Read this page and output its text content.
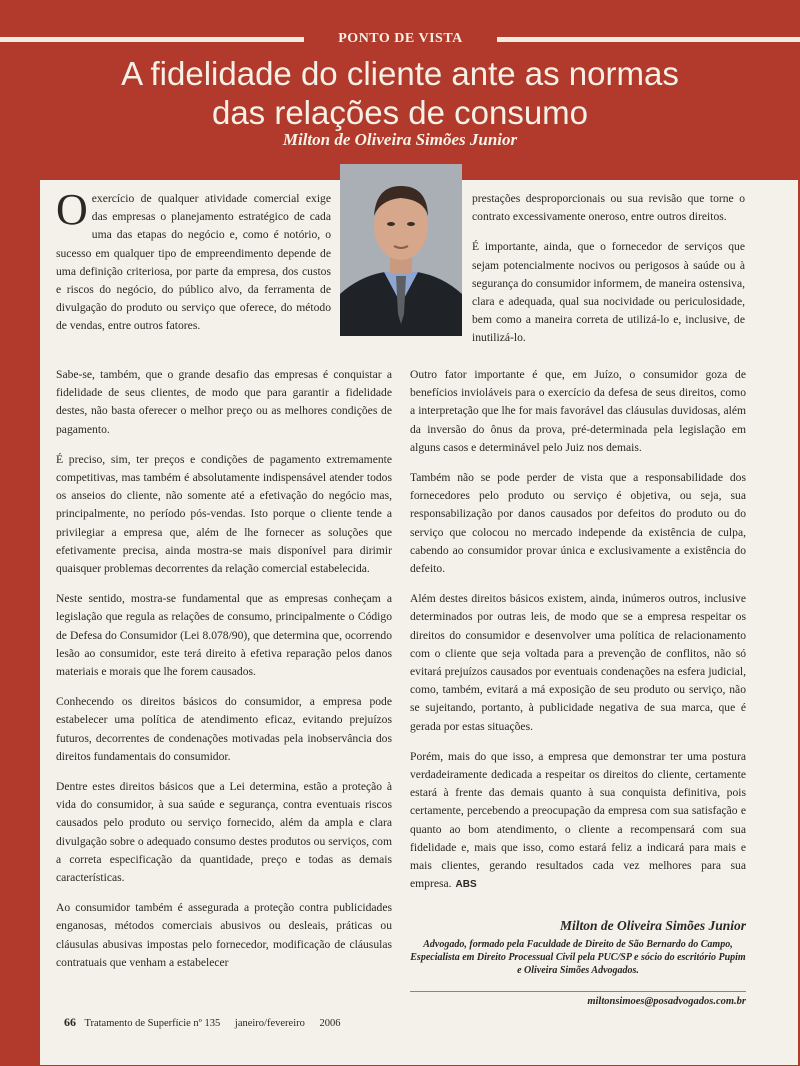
PONTO DE VISTA
A fidelidade do cliente ante as normas
das relações de consumo
Milton de Oliveira Simões Junior

Oexercício de qualquer atividade comercial exige das empresas o planejamento estratégico de cada uma das etapas do negócio e, como é notório, o sucesso em qualquer tipo de empreendimento depende de uma definição criteriosa, por parte da empresa, dos custos e riscos do negócio, do público alvo, da ferramenta de divulgação do produto ou serviço que oferece, do método de vendas, entre outros fatores.

Sabe-se, também, que o grande desafio das empresas é conquistar a fidelidade de seus clientes, de modo que para garantir a fidelidade destes, não basta oferecer o melhor preço ou as melhores condições de pagamento.

É preciso, sim, ter preços e condições de pagamento extremamente competitivas, mas também é absolutamente indispensável atender todos os anseios do cliente, não somente até a efetivação do negócio mas, principalmente, no período pós-vendas. Isto porque o cliente tende a privilegiar a empresa que, além de lhe fornecer as soluções que efetivamente precisa, ainda mostra-se mais disponível para dirimir quaisquer problemas decorrentes da relação comercial estabelecida.

Neste sentido, mostra-se fundamental que as empresas conheçam a legislação que regula as relações de consumo, principalmente o Código de Defesa do Consumidor (Lei 8.078/90), que determina que, ocorrendo lesão ao consumidor, este terá direito à efetiva reparação pelos danos materiais e morais que lhe forem causados.

Conhecendo os direitos básicos do consumidor, a empresa pode estabelecer uma política de atendimento eficaz, evitando prejuízos futuros, decorrentes de condenações motivadas pela inobservância dos direitos fundamentais do consumidor.

Dentre estes direitos básicos que a Lei determina, estão a proteção à vida do consumidor, à sua saúde e segurança, contra eventuais riscos causados pelo produto ou serviço fornecido, além da ampla e clara divulgação sobre o adequado consumo destes produtos ou serviços, com a correta especificação da quantidade, preço e todas as demais características.

Ao consumidor também é assegurada a proteção contra publicidades enganosas, métodos comerciais abusivos ou desleais, práticas ou cláusulas abusivas impostas pelo fornecedor, modificação de cláusulas contratuais que venham a estabelecer

prestações desproporcionais ou sua revisão que torne o contrato excessivamente oneroso, entre outros direitos.

É importante, ainda, que o fornecedor de serviços que sejam potencialmente nocivos ou perigosos à saúde ou à segurança do consumidor informem, de maneira ostensiva, clara e adequada, qual sua nocividade ou periculosidade, bem como a maneira correta de utilizá-lo e, inclusive, de inutilizá-lo.

Outro fator importante é que, em Juízo, o consumidor goza de benefícios invioláveis para o exercício da defesa de seus direitos, como a interpretação que lhe for mais favorável das cláusulas duvidosas, além da inversão do ônus da prova, pré-determinada pela legislação em alguns casos e determinável pelo Juiz nos demais.

Também não se pode perder de vista que a responsabilidade dos fornecedores pelo produto ou serviço é objetiva, ou seja, sua responsabilização por danos causados por defeitos do produto ou do serviço que colocou no mercado independe da existência de culpa, cabendo ao consumidor provar única e exclusivamente a existência do defeito.

Além destes direitos básicos existem, ainda, inúmeros outros, inclusive determinados por outras leis, de modo que se a empresa respeitar os direitos do consumidor e desenvolver uma política de relacionamento com o cliente que seja voltada para a prevenção de conflitos, não só evitará prejuízos causados por eventuais condenações na esfera judicial, como, também, evitará a má exposição de seu produto ou serviço, não se sujeitando, portanto, à publicidade negativa de sua marca, que é gerada por estas situações.

Porém, mais do que isso, a empresa que demonstrar ter uma postura verdadeiramente dedicada a respeitar os direitos do cliente, certamente estará à frente das demais quanto à sua conquista definitiva, pois certamente, percebendo a preocupação da empresa com sua satisfação e quanto ao bom atendimento, o cliente a recompensará com sua fidelidade e, mais que isso, como estará feliz a indicará para mais e mais clientes, gerando resultados cada vez melhores para sua empresa. ABS

Milton de Oliveira Simões Junior
Advogado, formado pela Faculdade de Direito de São Bernardo do Campo, Especialista em Direito Processual Civil pela PUC/SP e sócio do escritório Pupim e Oliveira Simões Advogados.
miltonsimoes@posadvogados.com.br
66 Tratamento de Superfície nº 135 janeiro/fevereiro 2006
